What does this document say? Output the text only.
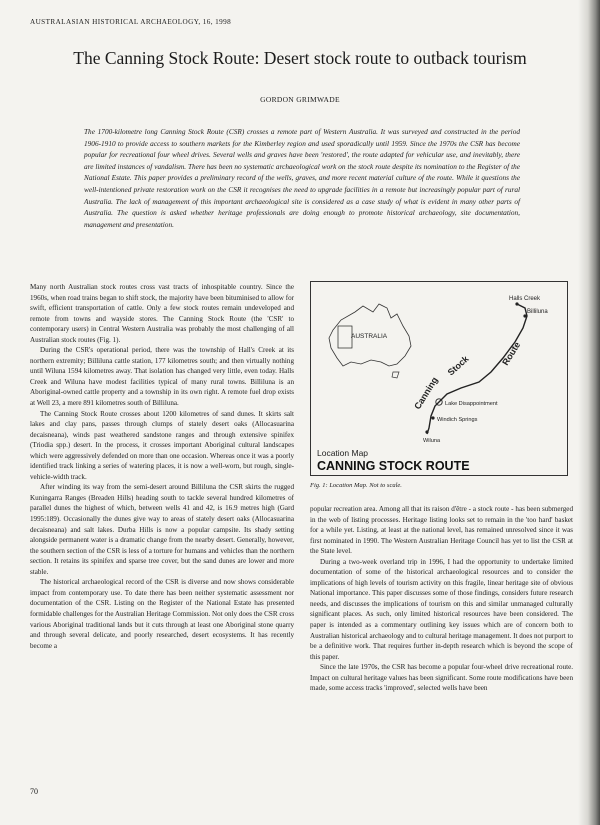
AUSTRALASIAN HISTORICAL ARCHAEOLOGY, 16, 1998
The Canning Stock Route: Desert stock route to outback tourism
GORDON GRIMWADE

The 1700-kilometre long Canning Stock Route (CSR) crosses a remote part of Western Australia. It was surveyed and constructed in the period 1906-1910 to provide access to southern markets for the Kimberley region and used sporadically until 1959. Since the 1970s the CSR has become popular for recreational four wheel drives. Several wells and graves have been 'restored', the route adapted for vehicular use, and inevitably, there are limited instances of vandalism. There has been no systematic archaeological work on the stock route despite its nomination to the Register of the National Estate. This paper provides a preliminary record of the wells, graves, and more recent material culture of the route. While it questions the well-intentioned private restoration work on the CSR it recognises the need to upgrade facilities in a remote but increasingly popular part of rural Australia. The lack of management of this important archaeological site is considered as a case study of what is evident in many other parts of Australia. The question is asked whether heritage professionals are doing enough to promote historical archaeology, site documentation, management and presentation.

Many north Australian stock routes cross vast tracts of inhospitable country. Since the 1960s, when road trains began to shift stock, the majority have been bituminised to allow for swift, efficient transportation of cattle. Only a few stock routes remain undeveloped and remote from towns and wayside stores. The Canning Stock Route (the 'CSR' to contemporary users) in Central Western Australia was probably the most challenging of all Australian stock routes (Fig. 1).

During the CSR's operational period, there was the township of Hall's Creek at its northern extremity; Billiluna cattle station, 177 kilometres south; and then virtually nothing until Wiluna 1594 kilometres away. That isolation has changed very little, even today. Halls Creek and Wiluna have modest facilities typical of many rural towns. Billiluna is an Aboriginal-owned cattle property and a township in its own right. A remote fuel drop exists at Well 23, a mere 891 kilometres south of Billiluna.

The Canning Stock Route crosses about 1200 kilometres of sand dunes. It skirts salt lakes and clay pans, passes through clumps of stately desert oaks (Allocasuarina decaisneana), winds past weathered sandstone ranges and through extensive spinifex (Triodia spp.) desert. In the process, it crosses important Aboriginal cultural landscapes which were aggressively defended on more than one occasion. Whereas once it was a poorly identified track linking a series of watering places, it is now a well-worn, but rough, single-vehicle-width track.

After winding its way from the semi-desert around Billiluna the CSR skirts the rugged Kuningarra Ranges (Breaden Hills) heading south to tackle several hundred kilometres of parallel dunes the highest of which, between wells 41 and 42, is 16.9 metres high (Gard 1995:189). Occasionally the dunes give way to areas of stately desert oaks (Allocasuarina decaisneana) and salt lakes. Durba Hills is now a popular campsite. Its shady setting alongside permanent water is a dramatic change from the nearby desert. Generally, however, the southern section of the CSR is less of a torture for humans and vehicles than the northern section. It retains its spinifex and sparse tree cover, but the sand dunes are lower and more stable.

The historical archaeological record of the CSR is diverse and now shows considerable impact from contemporary use. To date there has been neither systematic assessment nor documentation of the CSR. Listing on the Register of the National Estate has presented formidable challenges for the Australian Heritage Commission. Not only does the CSR cross various Aboriginal traditional lands but it cuts through at least one Aboriginal stone quarry and through several delicate, and poorly researched, desert ecosystems. It has recently become a

AUSTRALIA
Halls Creek
Billiluna
Lake Disappointment
Windich Springs
Wiluna
Canning
Stock	Route
Location Map
CANNING STOCK ROUTE
Fig. 1: Location Map. Not to scale.

popular recreation area. Among all that its raison d'être - a stock route - has been submerged in the web of listing processes. Heritage listing looks set to remain in the 'too hard' basket for a while yet. Listing, at least at the national level, has remained unresolved since it was first nominated in 1990. The Western Australian Heritage Council has yet to list the CSR at the State level.

During a two-week overland trip in 1996, I had the opportunity to undertake limited documentation of some of the historical archaeological resources and to consider the implications of high levels of tourism activity on this fragile, linear heritage site of obvious National importance. This paper discusses some of those findings, considers future research needs, and discusses the implications of tourism on this and similar unmanaged culturally significant places. As such, only limited historical resources have been considered. The paper is intended as a commentary outlining key issues which are of concern both to Australian historical archaeology and to cultural heritage management. It does not purport to be a definitive work. That requires further in-depth research which is beyond the scope of this paper.

Since the late 1970s, the CSR has become a popular four-wheel drive recreational route. Impact on cultural heritage values has been significant. Some route modifications have been made, some access tracks 'improved', selected wells have been

70
